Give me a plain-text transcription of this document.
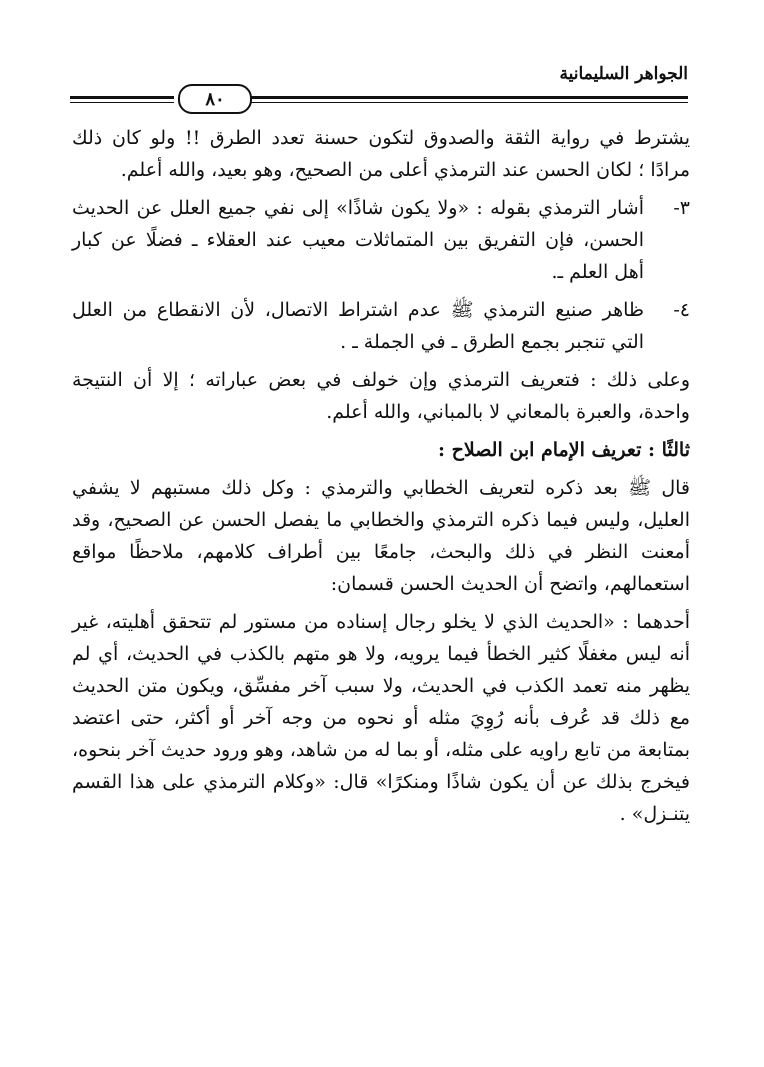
الجواهر السليمانية
٨٠

يشترط في رواية الثقة والصدوق لتكون حسنة تعدد الطرق !! ولو كان ذلك مرادًا ؛ لكان الحسن عند الترمذي أعلى من الصحيح، وهو بعيد، والله أعلم.

٣-
أشار الترمذي بقوله : «ولا يكون شاذًا» إلى نفي جميع العلل عن الحديث الحسن، فإن التفريق بين المتماثلات معيب عند العقلاء ـ فضلًا عن كبار أهل العلم ـ.
٤-
ظاهر صنيع الترمذي ﷺ عدم اشتراط الاتصال، لأن الانقطاع من العلل التي تنجبر بجمع الطرق ـ في الجملة ـ .

وعلى ذلك : فتعريف الترمذي وإن خولف في بعض عباراته ؛ إلا أن النتيجة واحدة، والعبرة بالمعاني لا بالمباني، والله أعلم.

ثالثًا : تعريف الإمام ابن الصلاح :

قال ﷺ بعد ذكره لتعريف الخطابي والترمذي : وكل ذلك مستبهم لا يشفي العليل، وليس فيما ذكره الترمذي والخطابي ما يفصل الحسن عن الصحيح، وقد أمعنت النظر في ذلك والبحث، جامعًا بين أطراف كلامهم، ملاحظًا مواقع استعمالهم، واتضح أن الحديث الحسن قسمان:

أحدهما : «الحديث الذي لا يخلو رجال إسناده من مستور لم تتحقق أهليته، غير أنه ليس مغفلًا كثير الخطأ فيما يرويه، ولا هو متهم بالكذب في الحديث، أي لم يظهر منه تعمد الكذب في الحديث، ولا سبب آخر مفسِّق، ويكون متن الحديث مع ذلك قد عُرف بأنه رُوِيَ مثله أو نحوه من وجه آخر أو أكثر، حتى اعتضد بمتابعة من تابع راويه على مثله، أو بما له من شاهد، وهو ورود حديث آخر بنحوه، فيخرج بذلك عن أن يكون شاذًا ومنكرًا» قال: «وكلام الترمذي على هذا القسم يتنـزل» .
